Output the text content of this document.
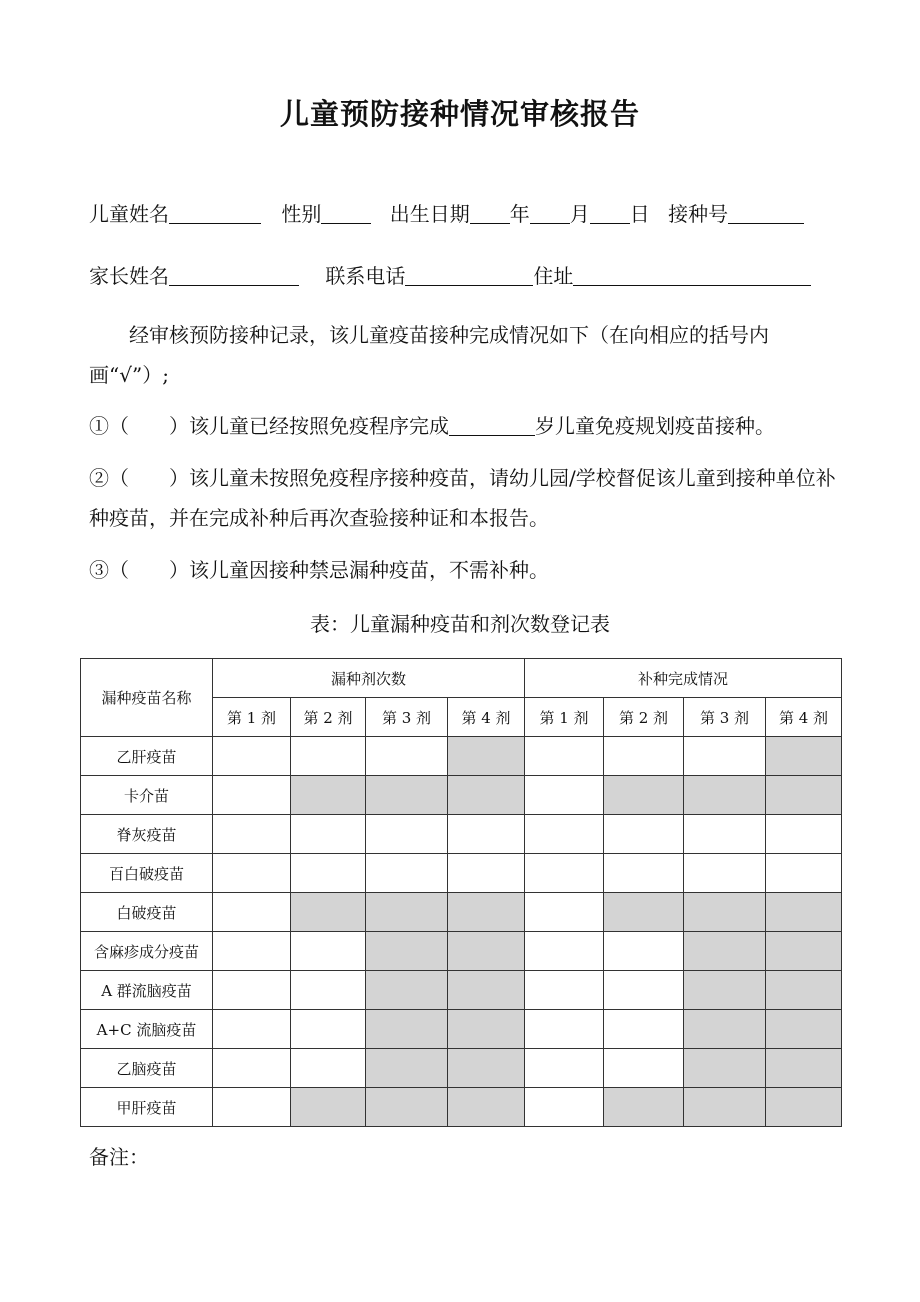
儿童预防接种情况审核报告
儿童姓名	性别	出生日期 年 月 日 接种号
家长姓名	联系电话	住址
经审核预防接种记录，该儿童疫苗接种完成情况如下（在向相应的括号内画“√”）;
①（　　）该儿童已经按照免疫程序完成	岁儿童免疫规划疫苗接种。
②（　　）该儿童未按照免疫程序接种疫苗，请幼儿园/学校督促该儿童到接种单位补种疫苗，并在完成补种后再次查验接种证和本报告。
③（　　）该儿童因接种禁忌漏种疫苗，不需补种。
表：儿童漏种疫苗和剂次数登记表
漏种疫苗名称	漏种剂次数				补种完成情况			
	第 1 剂	第 2 剂	第 3 剂	第 4 剂	第 1 剂	第 2 剂	第 3 剂	第 4 剂
乙肝疫苗								
卡介苗								
脊灰疫苗								
百白破疫苗								
白破疫苗								
含麻疹成分疫苗								
A 群流脑疫苗								
A+C 流脑疫苗								
乙脑疫苗								
甲肝疫苗								
备注：
